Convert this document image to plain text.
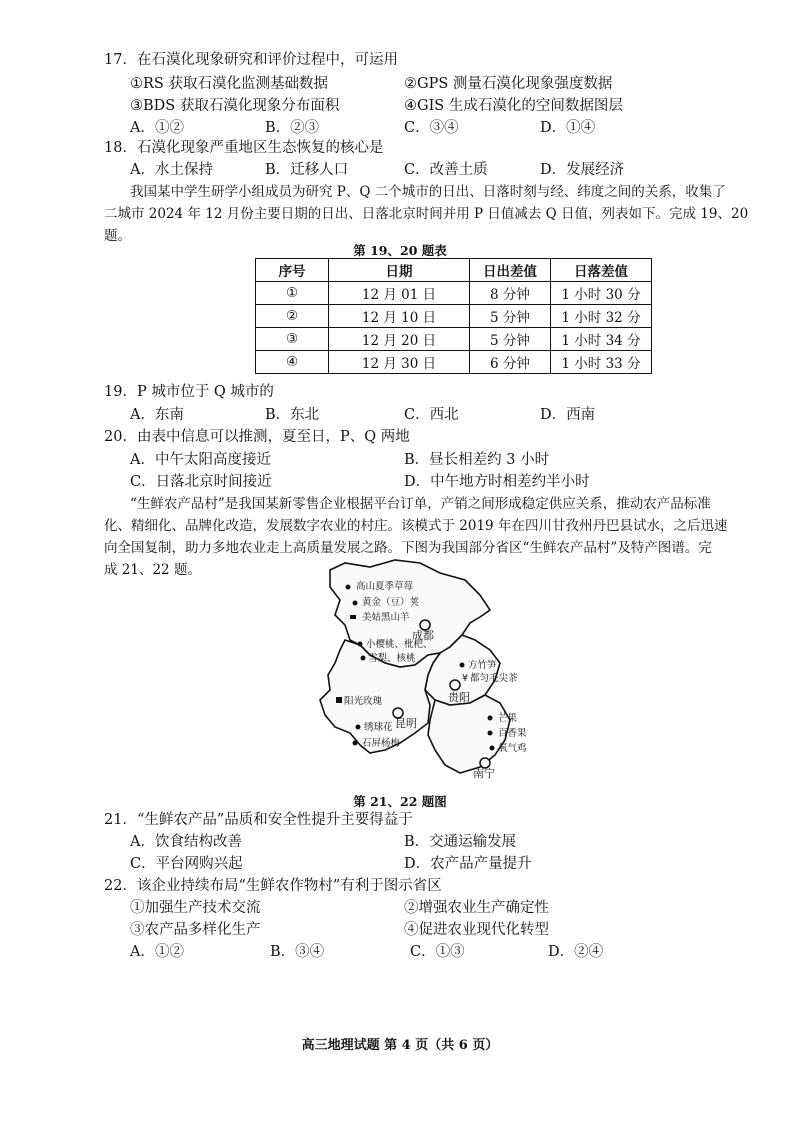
17．在石漠化现象研究和评价过程中，可运用
①RS 获取石漠化监测基础数据	②GPS 测量石漠化现象强度数据
③BDS 获取石漠化现象分布面积	④GIS 生成石漠化的空间数据图层
A．①②	B．②③	C．③④	D．①④
18．石漠化现象严重地区生态恢复的核心是
A．水土保持	B．迁移人口	C．改善土质	D．发展经济
我国某中学生研学小组成员为研究 P、Q 二个城市的日出、日落时刻与经、纬度之间的关系，收集了
二城市 2024 年 12 月份主要日期的日出、日落北京时间并用 P 日值减去 Q 日值，列表如下。完成 19、20
题。
第 19、20 题表
序号	日期	日出差值	日落差值
①	12 月 01 日	8 分钟	1 小时 30 分
②	12 月 10 日	5 分钟	1 小时 32 分
③	12 月 20 日	5 分钟	1 小时 34 分
④	12 月 30 日	6 分钟	1 小时 33 分
19．P 城市位于 Q 城市的
A．东南	B．东北	C．西北	D．西南
20．由表中信息可以推测，夏至日，P、Q 两地
A．中午太阳高度接近	B．昼长相差约 3 小时
C．日落北京时间接近	D．中午地方时相差约半小时
“生鲜农产品村”是我国某新零售企业根据平台订单，产销之间形成稳定供应关系，推动农产品标准
化、精细化、品牌化改造，发展数字农业的村庄。该模式于 2019 年在四川甘孜州丹巴县试水，之后迅速
向全国复制，助力多地农业走上高质量发展之路。下图为我国部分省区“生鲜农产品村”及特产图谱。完
成 21、22 题。
高山夏季草莓
黄金（豆）荚
美姑黑山羊
成都
小樱桃、枇杷、
雪梨、核桃
方竹笋
¥ 都匀毛尖茶
贵阳
阳光玫瑰
昆明
绣球花
石屏杨梅
芒果
百香果
氧气鸡
南宁
第 21、22 题图
21．“生鲜农产品”品质和安全性提升主要得益于
A．饮食结构改善	B．交通运输发展
C．平台网购兴起	D．农产品产量提升
22．该企业持续布局“生鲜农作物村”有利于图示省区
①加强生产技术交流	②增强农业生产确定性
③农产品多样化生产	④促进农业现代化转型
A．①②	B．③④	C．①③	D．②④
高三地理试题 第 4 页（共 6 页）
